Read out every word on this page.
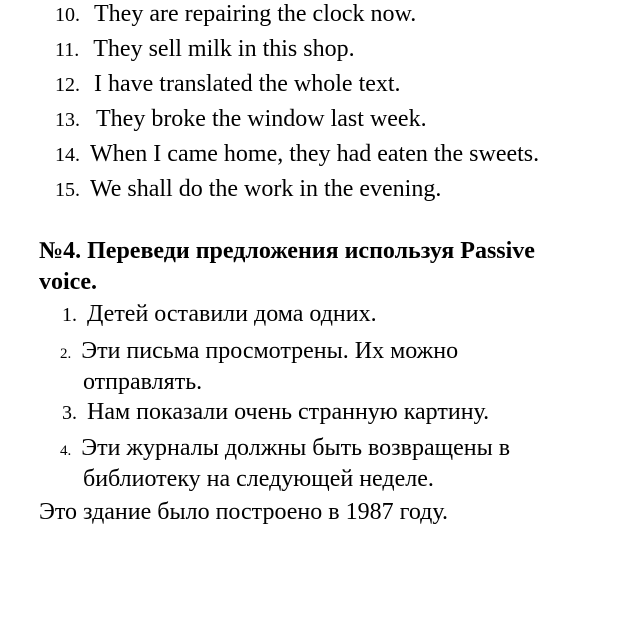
10. They are repairing the clock now.
11. They sell milk in this shop.
12. I have translated the whole text.
13. They broke the window last week.
14. When I came home, they had eaten the sweets.
15. We shall do the work in the evening.
№4. Переведи предложения используя Passive
voice.
1. Детей оставили дома одних.
2. Эти письма просмотрены. Их можно
отправлять.
3. Нам показали очень странную картину.
4. Эти журналы должны быть возвращены в
библиотеку на следующей неделе.
Это здание было построено в 1987 году.
